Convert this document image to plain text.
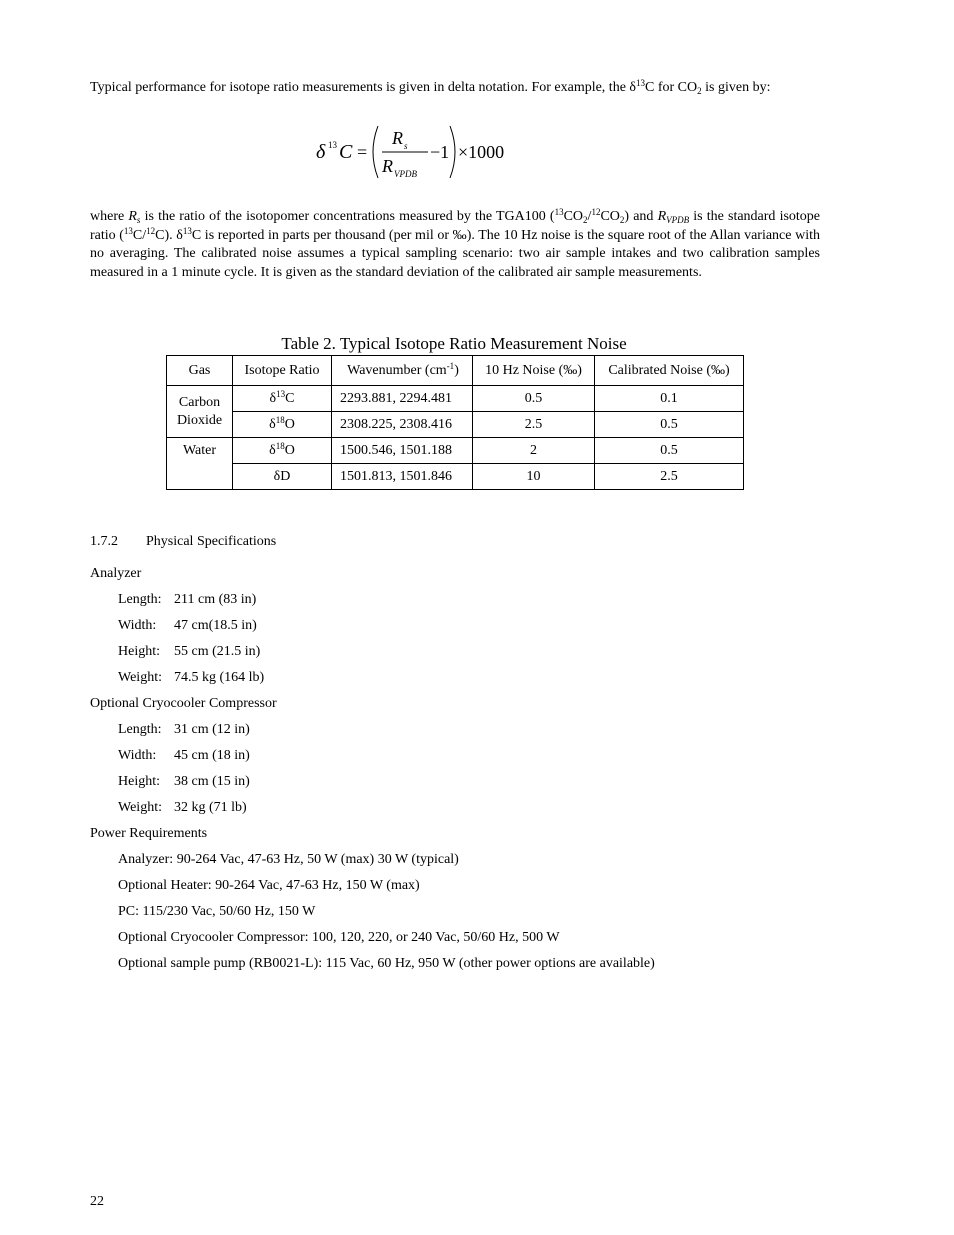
Typical performance for isotope ratio measurements is given in delta notation. For example, the $\delta^{13}C$ for $CO_2$ is given by:

δ 13 C =
R s
R VPDB
−1 ×1000

where $R_s$ is the ratio of the isotopomer concentrations measured by the TGA100 $(^{13}CO_2/^{12}CO_2)$ and $R_{VPDB}$ is the standard isotope ratio ($^{13}$C/$^{12}$C). $\delta^{13}C$ is reported in parts per thousand (per mil or ‰). The 10 Hz noise is the square root of the Allan variance with no averaging. The calibrated noise assumes a typical sampling scenario: two air sample intakes and two calibration samples measured in a 1 minute cycle. It is given as the standard deviation of the calibrated air sample measurements.

Table 2. Typical Isotope Ratio Measurement Noise
Gas	Isotope Ratio	Wavenumber $(cm^{-1})$	10 Hz Noise (‰)	Calibrated Noise (‰)
Carbon
Dioxide	$\delta^{13}C$	2293.881, 2294.481	0.5	0.1
	$\delta^{18}O$	2308.225, 2308.416	2.5	0.5
Water	$\delta^{18}O$	1500.546, 1501.188	2	0.5
	δD	1501.813, 1501.846	10	2.5
1.7.2 Physical Specifications
Analyzer
Length: 211 cm (83 in)
Width: 47 cm(18.5 in)
Height: 55 cm (21.5 in)
Weight: 74.5 kg (164 lb)
Optional Cryocooler Compressor
Length: 31 cm (12 in)
Width: 45 cm (18 in)
Height: 38 cm (15 in)
Weight: 32 kg (71 lb)
Power Requirements
Analyzer: 90-264 Vac, 47-63 Hz, 50 W (max) 30 W (typical)
Optional Heater: 90-264 Vac, 47-63 Hz, 150 W (max)
PC: 115/230 Vac, 50/60 Hz, 150 W
Optional Cryocooler Compressor: 100, 120, 220, or 240 Vac, 50/60 Hz, 500 W
Optional sample pump (RB0021-L): 115 Vac, 60 Hz, 950 W (other power options are available)
22
